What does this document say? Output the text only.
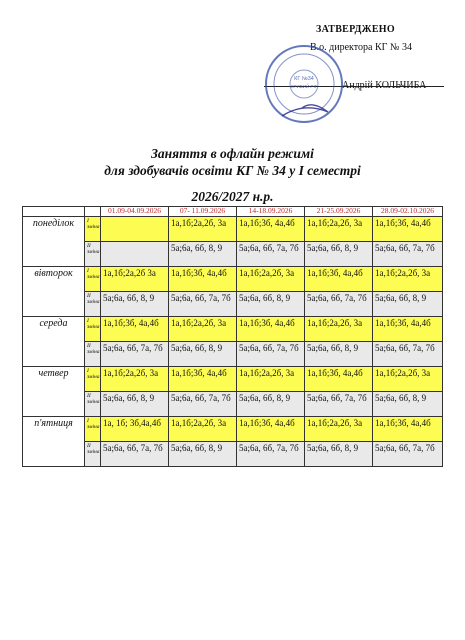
ЗАТВЕРДЖЕНО
В.о. директора КГ № 34
Андрій КОЛЬЧИБА
КГ №34
КРИВИЙ РІГ
Заняття в офлайн режимі
для здобувачів освіти КГ № 34 у І семестрі
2026/2027 н.р.
		01.09-04.09.2026	07- 11.09.2026	14-18.09.2026	21-25.09.2026	28.09-02.10.2026
понеділок	І зміна		1а,1б;2а,2б, 3а	1а,1б;3б, 4а,4б	1а,1б;2а,2б, 3а	1а,1б;3б, 4а,4б
	ІІ зміна		5а;6а, 6б, 8, 9	5а;6а, 6б, 7а, 7б	5а;6а, 6б, 8, 9	5а;6а, 6б, 7а, 7б
вівторок	І зміна	1а,1б;2а,2б 3а	1а,1б;3б, 4а,4б	1а,1б;2а,2б, 3а	1а,1б;3б, 4а,4б	1а,1б;2а,2б, 3а
	ІІ зміна	5а;6а, 6б, 8, 9	5а;6а, 6б, 7а, 7б	5а;6а, 6б, 8, 9	5а;6а, 6б, 7а, 7б	5а;6а, 6б, 8, 9
середа	І зміна	1а,1б;3б, 4а,4б	1а,1б;2а,2б, 3а	1а,1б;3б, 4а,4б	1а,1б;2а,2б, 3а	1а,1б;3б, 4а,4б
	ІІ зміна	5а;6а, 6б, 7а, 7б	5а;6а, 6б, 8, 9	5а;6а, 6б, 7а, 7б	5а;6а, 6б, 8, 9	5а;6а, 6б, 7а, 7б
четвер	І зміна	1а,1б;2а,2б, 3а	1а,1б;3б, 4а,4б	1а,1б;2а,2б, 3а	1а,1б;3б, 4а,4б	1а,1б;2а,2б, 3а
	ІІ зміна	5а;6а, 6б, 8, 9	5а;6а, 6б, 7а, 7б	5а;6а, 6б, 8, 9	5а;6а, 6б, 7а, 7б	5а;6а, 6б, 8, 9
п'ятниця	І зміна	1а, 1б; 3б,4а,4б	1а,1б;2а,2б, 3а	1а,1б;3б, 4а,4б	1а,1б;2а,2б, 3а	1а,1б;3б, 4а,4б
	ІІ зміна	5а;6а, 6б, 7а, 7б	5а;6а, 6б, 8, 9	5а;6а, 6б, 7а, 7б	5а;6а, 6б, 8, 9	5а;6а, 6б, 7а, 7б
